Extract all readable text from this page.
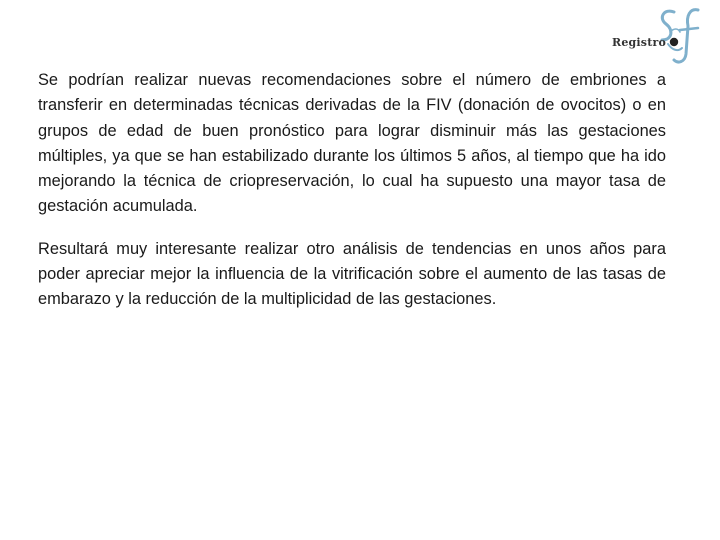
Registro

Se podrían realizar nuevas recomendaciones sobre el número de embriones a transferir en determinadas técnicas derivadas de la FIV (donación de ovocitos) o en grupos de edad de buen pronóstico para lograr disminuir más las gestaciones múltiples, ya que se han estabilizado durante los últimos 5 años, al tiempo que ha ido mejorando la técnica de criopreservación, lo cual ha supuesto una mayor tasa de gestación acumulada.

Resultará muy interesante realizar otro análisis de tendencias en unos años para poder apreciar mejor la influencia de la vitrificación sobre el aumento de las tasas de embarazo y la reducción de la multiplicidad de las gestaciones.
